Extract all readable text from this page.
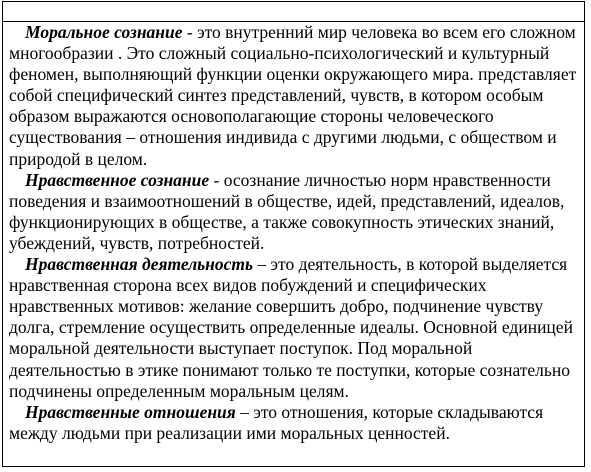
Моральное сознание - это внутренний мир человека во всем его сложном многообразии . Это сложный социально-психологический и культурный феномен, выполняющий функции оценки окружающего мира. пpедставляет собой специфический синтез представлений, чувств, в котором особым образом выражаются основополагающие стороны человеческого существования – отношения индивида с другими людьми, с обществом и природой в целом.

Нравственное сознание - осознание личностью норм нравственности поведения и взаимоотношений в обществе, идей, представлений, идеалов, функционирующих в обществе, а также совокупность этических знаний, убеждений, чувств, потребностей.

Нравственная деятельность – это деятельность, в которой выделяется нравственная сторона всех видов побуждений и специфических нравственных мотивов: желание совершить добро, подчинение чувству долга, стремление осуществить определенные идеалы. Основной единицей моральной деятельности выступает поступок. Под моральной деятельностью в этике понимают только те поступки, которые сознательно подчинены определенным моральным целям.

Нравственные отношения – это отношения, которые складываются между людьми при реализации ими моральных ценностей.
